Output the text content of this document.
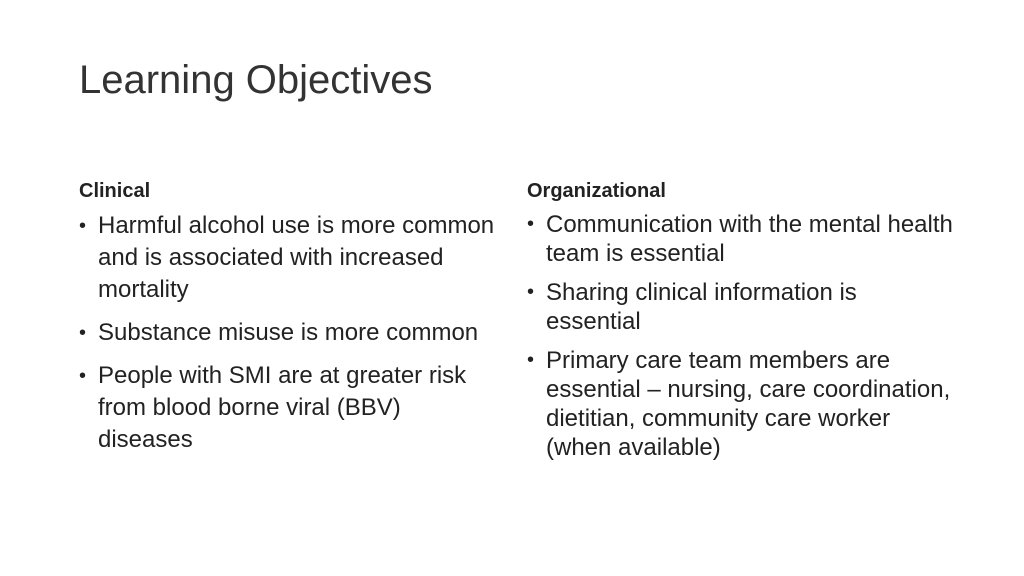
Learning Objectives
Clinical
• Harmful alcohol use is more common and is associated with increased mortality
• Substance misuse is more common
• People with SMI are at greater risk from blood borne viral (BBV) diseases
Organizational
• Communication with the mental health team is essential
• Sharing clinical information is essential
• Primary care team members are essential – nursing, care coordination, dietitian, community care worker (when available)
